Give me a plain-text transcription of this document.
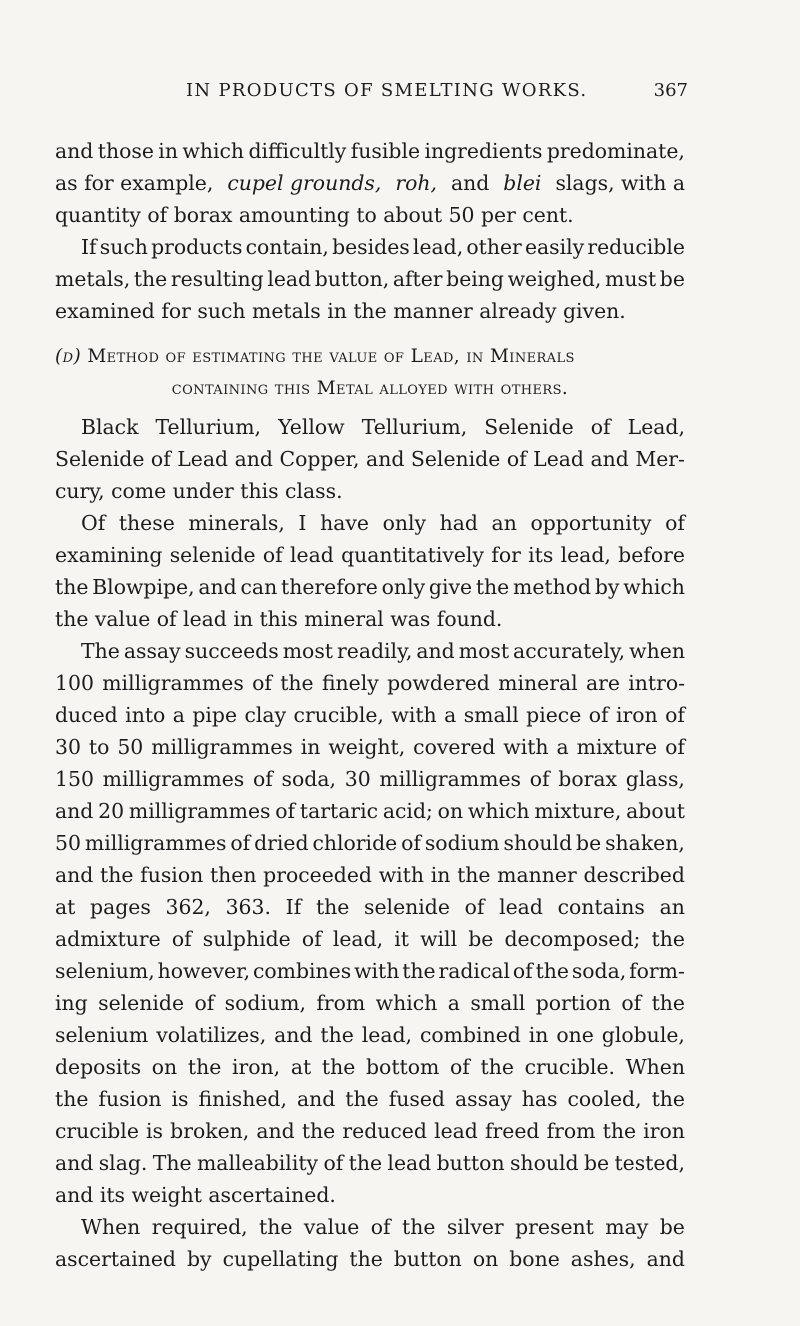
IN PRODUCTS OF SMELTING WORKS.	367
and those in which difficultly fusible ingredients predominate,
as for example, cupel grounds, roh, and blei slags, with a
quantity of borax amounting to about 50 per cent.
If such products contain, besides lead, other easily reducible
metals, the resulting lead button, after being weighed, must be
examined for such metals in the manner already given.
(d) Method of estimating the value of Lead, in Minerals
containing this Metal alloyed with others.
Black Tellurium, Yellow Tellurium, Selenide of Lead,
Selenide of Lead and Copper, and Selenide of Lead and Mer-
cury, come under this class.
Of these minerals, I have only had an opportunity of
examining selenide of lead quantitatively for its lead, before
the Blowpipe, and can therefore only give the method by which
the value of lead in this mineral was found.
The assay succeeds most readily, and most accurately, when
100 milligrammes of the finely powdered mineral are intro-
duced into a pipe clay crucible, with a small piece of iron of
30 to 50 milligrammes in weight, covered with a mixture of
150 milligrammes of soda, 30 milligrammes of borax glass,
and 20 milligrammes of tartaric acid; on which mixture, about
50 milligrammes of dried chloride of sodium should be shaken,
and the fusion then proceeded with in the manner described
at pages 362, 363. If the selenide of lead contains an
admixture of sulphide of lead, it will be decomposed; the
selenium, however, combines with the radical of the soda, form-
ing selenide of sodium, from which a small portion of the
selenium volatilizes, and the lead, combined in one globule,
deposits on the iron, at the bottom of the crucible. When
the fusion is finished, and the fused assay has cooled, the
crucible is broken, and the reduced lead freed from the iron
and slag. The malleability of the lead button should be tested,
and its weight ascertained.
When required, the value of the silver present may be
ascertained by cupellating the button on bone ashes, and
